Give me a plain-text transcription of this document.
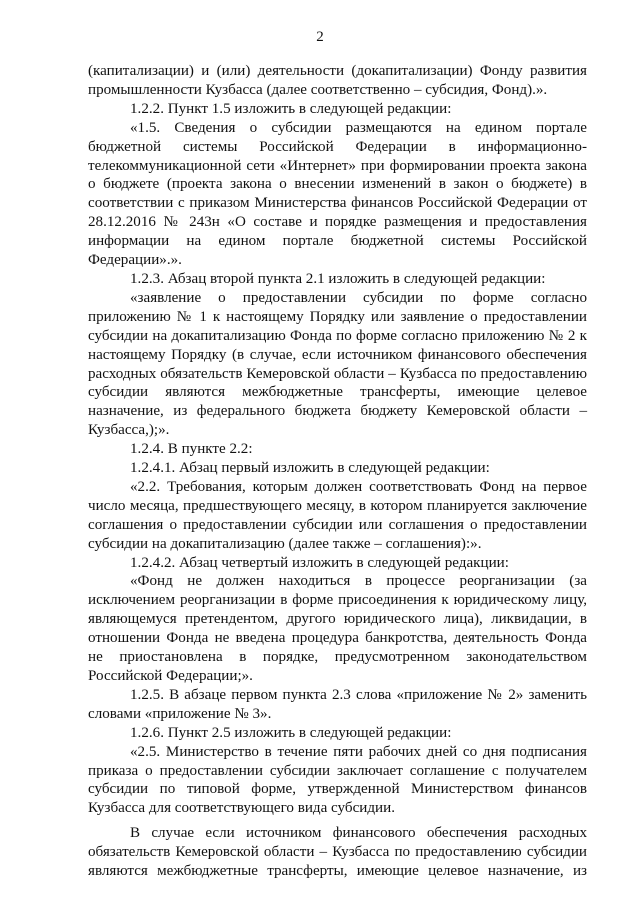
2

(капитализации) и (или) деятельности (докапитализации) Фонду развития промышленности Кузбасса (далее соответственно – субсидия, Фонд).».

1.2.2. Пункт 1.5 изложить в следующей редакции:

«1.5. Сведения о субсидии размещаются на едином портале бюджетной системы Российской Федерации в информационно-телекоммуникационной сети «Интернет» при формировании проекта закона о бюджете (проекта закона о внесении изменений в закон о бюджете) в соответствии с приказом Министерства финансов Российской Федерации от 28.12.2016 № 243н «О составе и порядке размещения и предоставления информации на едином портале бюджетной системы Российской Федерации».».

1.2.3. Абзац второй пункта 2.1 изложить в следующей редакции:

«заявление о предоставлении субсидии по форме согласно приложению № 1 к настоящему Порядку или заявление о предоставлении субсидии на докапитализацию Фонда по форме согласно приложению № 2 к настоящему Порядку (в случае, если источником финансового обеспечения расходных обязательств Кемеровской области – Кузбасса по предоставлению субсидии являются межбюджетные трансферты, имеющие целевое назначение, из федерального бюджета бюджету Кемеровской области – Кузбасса,);».

1.2.4. В пункте 2.2:

1.2.4.1. Абзац первый изложить в следующей редакции:

«2.2. Требования, которым должен соответствовать Фонд на первое число месяца, предшествующего месяцу, в котором планируется заключение соглашения о предоставлении субсидии или соглашения о предоставлении субсидии на докапитализацию (далее также – соглашения):».

1.2.4.2. Абзац четвертый изложить в следующей редакции:

«Фонд не должен находиться в процессе реорганизации (за исключением реорганизации в форме присоединения к юридическому лицу, являющемуся претендентом, другого юридического лица), ликвидации, в отношении Фонда не введена процедура банкротства, деятельность Фонда не приостановлена в порядке, предусмотренном законодательством Российской Федерации;».

1.2.5. В абзаце первом пункта 2.3 слова «приложение № 2» заменить словами «приложение № 3».

1.2.6. Пункт 2.5 изложить в следующей редакции:

«2.5. Министерство в течение пяти рабочих дней со дня подписания приказа о предоставлении субсидии заключает соглашение с получателем субсидии по типовой форме, утвержденной Министерством финансов Кузбасса для соответствующего вида субсидии.

В случае если источником финансового обеспечения расходных обязательств Кемеровской области – Кузбасса по предоставлению субсидии являются межбюджетные трансферты, имеющие целевое назначение, из
